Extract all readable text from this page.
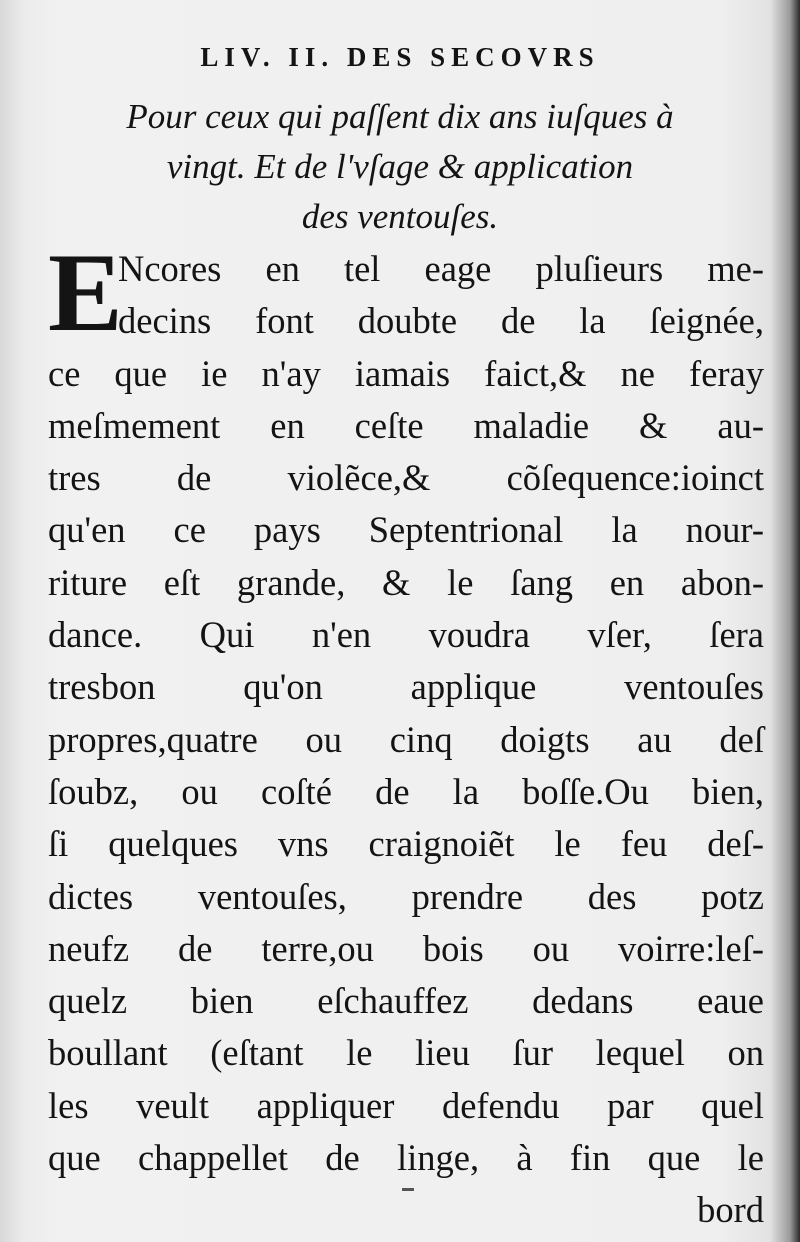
LIV. II. DES SECOVRS
Pour ceux qui paſſent dix ans iuſques à
vingt. Et de l'vſage & application
des ventouſes.
E
Ncores en tel eage pluſieurs me-
decins font doubte de la ſeignée,
ce que ie n'ay iamais faict,& ne feray
meſmement en ceſte maladie & au-
tres de violẽce,& cõſequence:ioinct
qu'en ce pays Septentrional la nour-
riture eſt grande, & le ſang en abon-
dance. Qui n'en voudra vſer, ſera
tresbon qu'on applique ventouſes
propres,quatre ou cinq doigts au deſ
ſoubz, ou coſté de la boſſe.Ou bien,
ſi quelques vns craignoiẽt le feu deſ-
dictes ventouſes, prendre des potz
neufz de terre,ou bois ou voirre:leſ-
quelz bien eſchauffez dedans eaue
boullant (eſtant le lieu ſur lequel on
les veult appliquer defendu par quel
que chappellet de linge, à fin que le
bord
